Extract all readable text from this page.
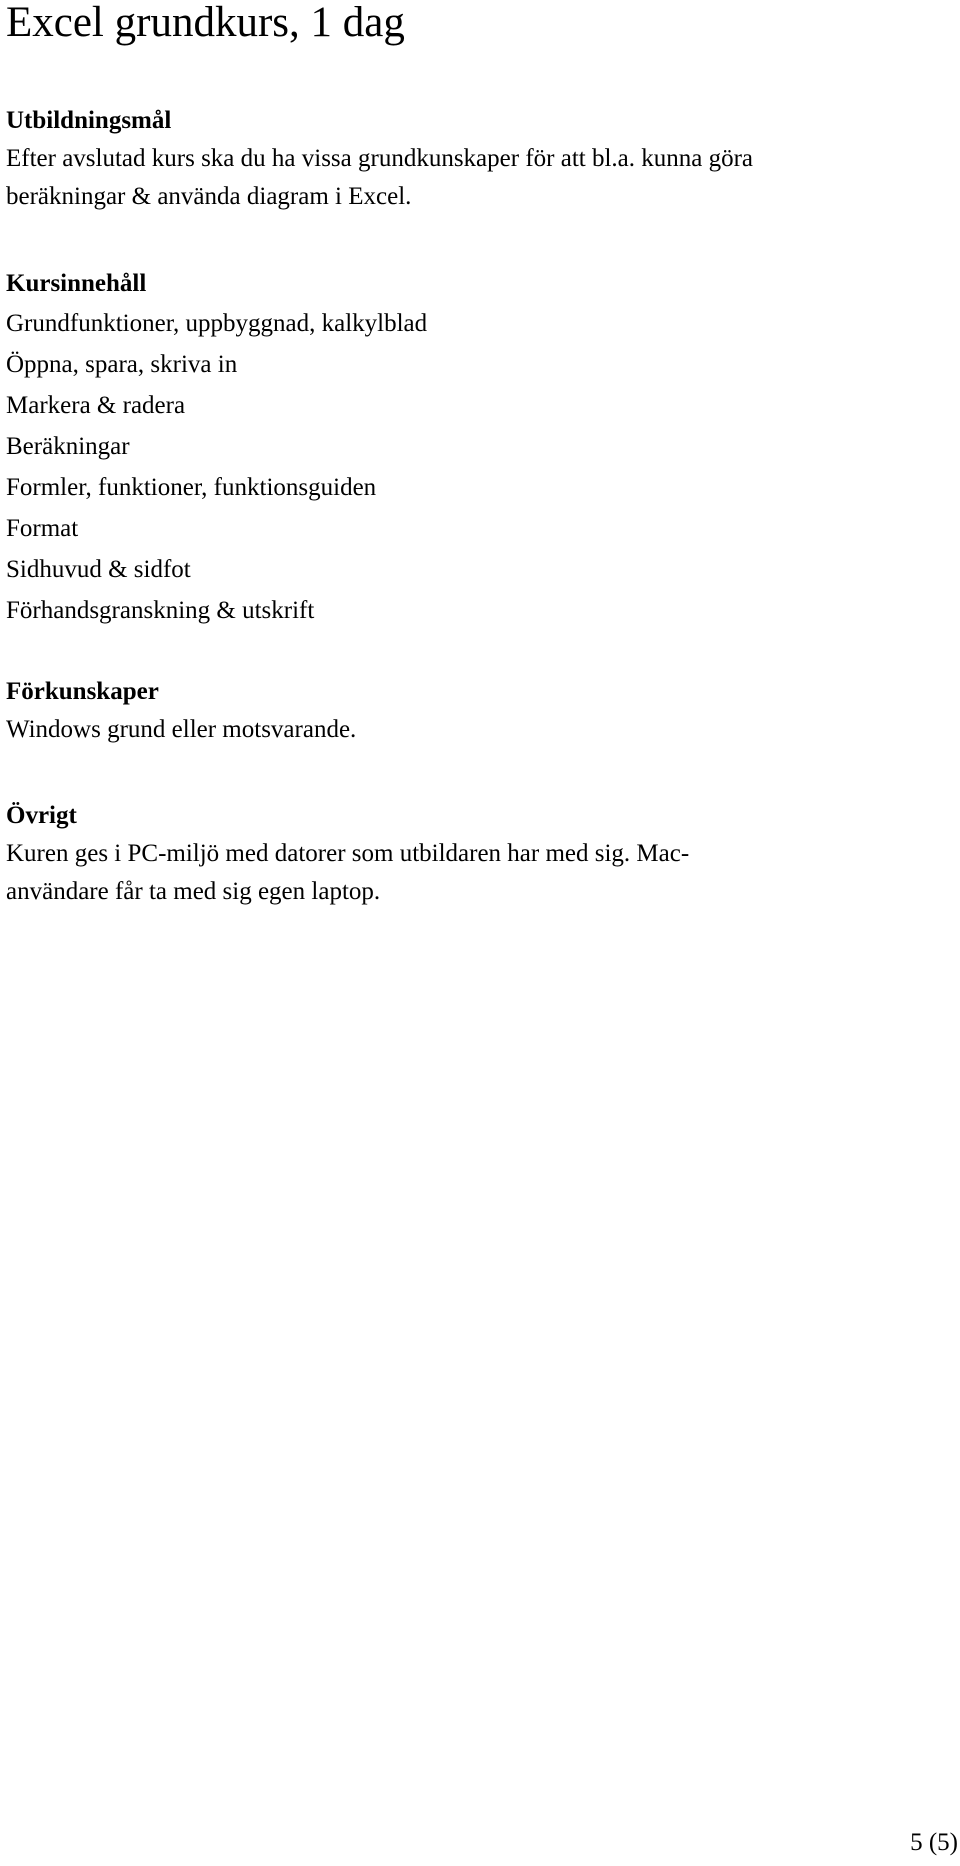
Excel grundkurs, 1 dag
Utbildningsmål

Efter avslutad kurs ska du ha vissa grundkunskaper för att bl.a. kunna göra

beräkningar & använda diagram i Excel.

Kursinnehåll
Grundfunktioner, uppbyggnad, kalkylblad
Öppna, spara, skriva in
Markera & radera
Beräkningar
Formler, funktioner, funktionsguiden
Format
Sidhuvud & sidfot
Förhandsgranskning & utskrift
Förkunskaper

Windows grund eller motsvarande.

Övrigt

Kuren ges i PC-miljö med datorer som utbildaren har med sig. Mac-

användare får ta med sig egen laptop.

5 (5)
